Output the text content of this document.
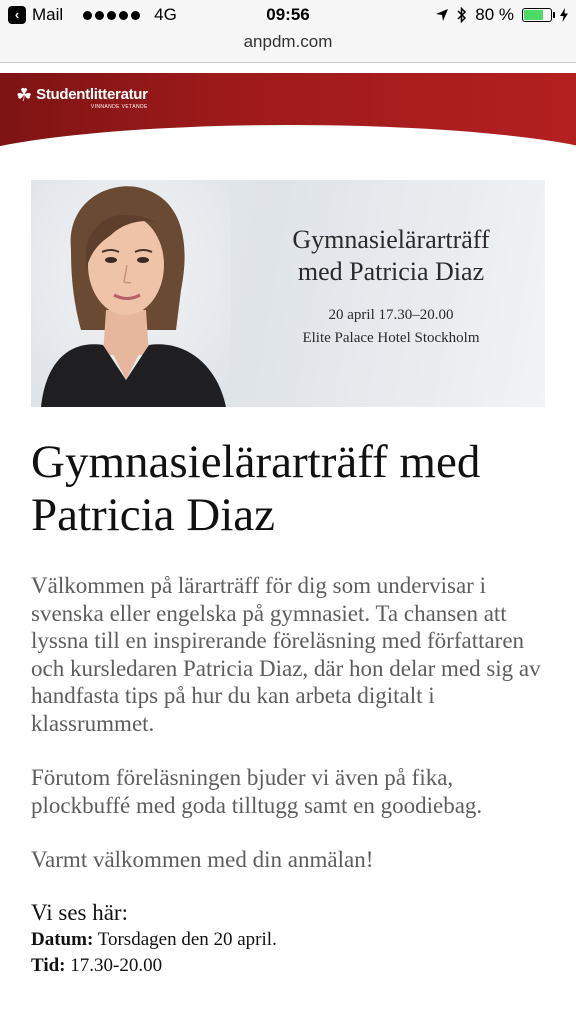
‹ Mail	4G	09:56	80 %
anpdm.com
☘ Studentlitteratur
VINNANDE VETANDE
Gymnasielärarträff
med Patricia Diaz
20 april 17.30–20.00
Elite Palace Hotel Stockholm
Gymnasielärarträff med Patricia Diaz

Välkommen på lärarträff för dig som undervisar i svenska eller engelska på gymnasiet. Ta chansen att lyssna till en inspirerande föreläsning med författaren och kursledaren Patricia Diaz, där hon delar med sig av handfasta tips på hur du kan arbeta digitalt i klassrummet.

Förutom föreläsningen bjuder vi även på fika, plockbuffé med goda tilltugg samt en goodiebag.

Varmt välkommen med din anmälan!

Vi ses här:
Datum: Torsdagen den 20 april.
Tid: 17.30-20.00
